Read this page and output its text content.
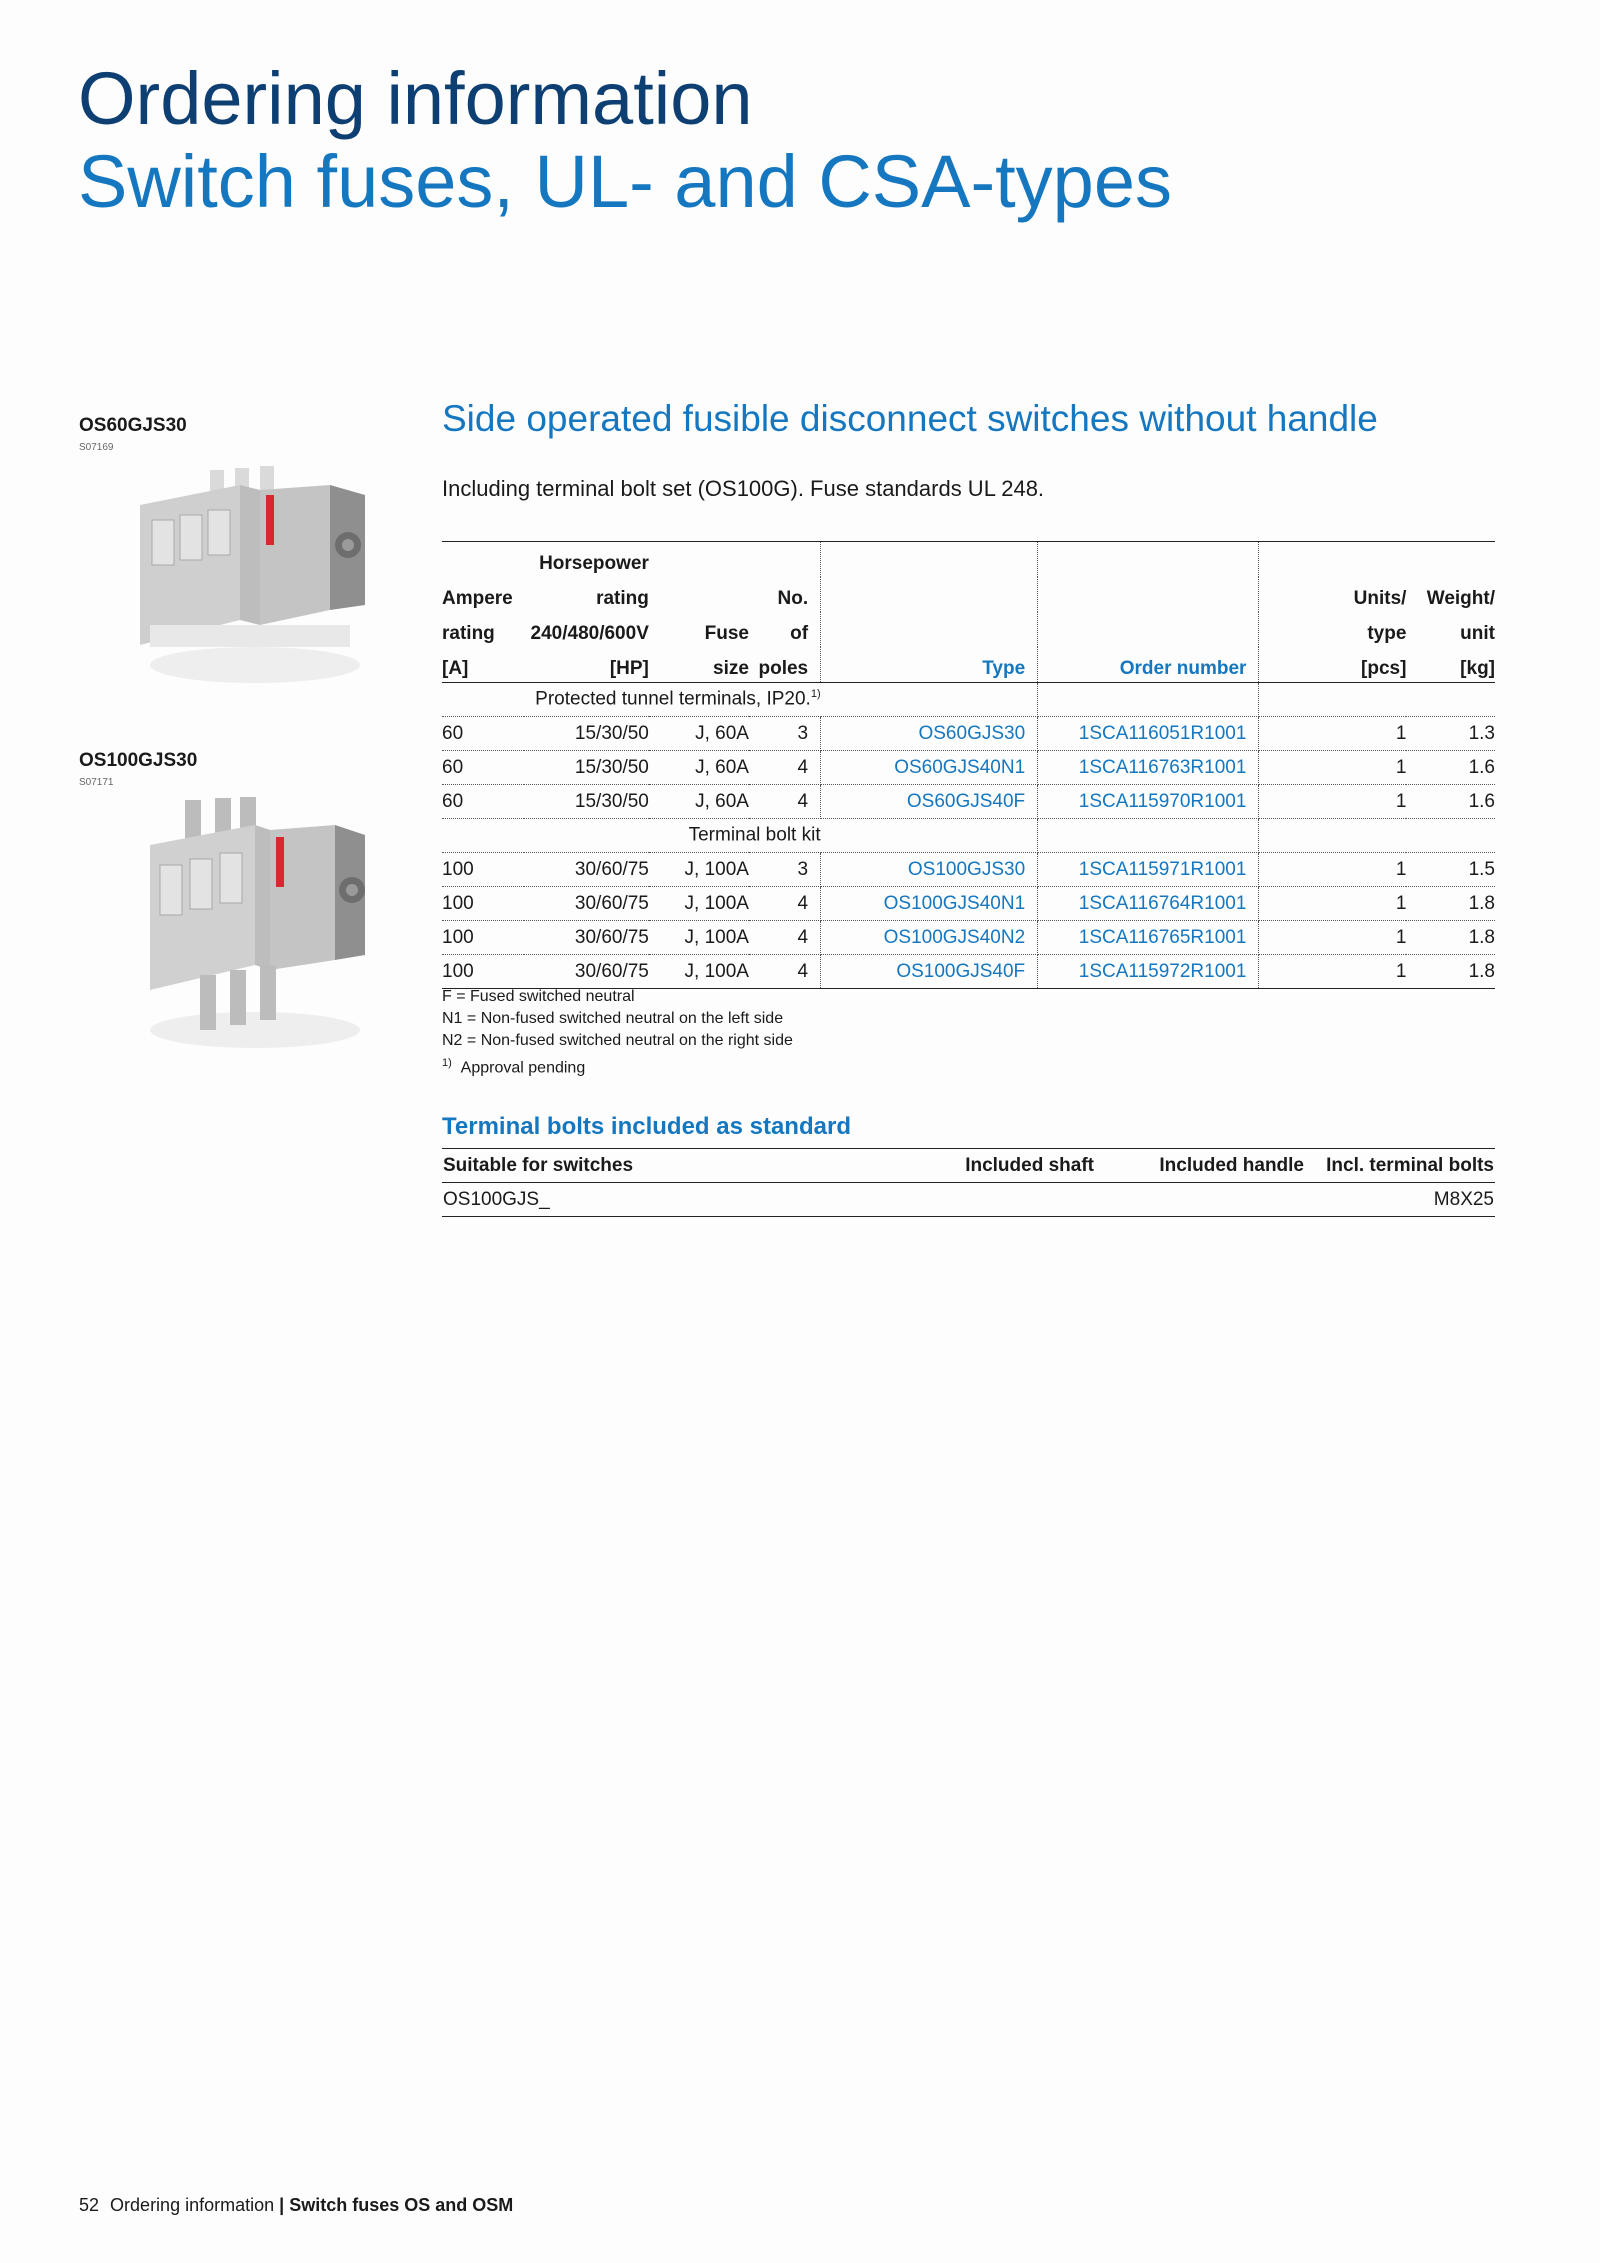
Ordering information
Switch fuses, UL- and CSA-types
OS60GJS30
S07169
OS100GJS30
S07171
Side operated fusible disconnect switches without handle
Including terminal bolt set (OS100G). Fuse standards UL 248.
	Horsepower						
Ampere	rating		No.			Units/	Weight/
rating	240/480/600V	Fuse	of			type	unit
[A]	[HP]	size	poles	Type	Order number	[pcs]	[kg]
Protected tunnel terminals, IP20.$^{1)}$				
60	15/30/50	J, 60A	3	OS60GJS30	1SCA116051R1001	1	1.3
60	15/30/50	J, 60A	4	OS60GJS40N1	1SCA116763R1001	1	1.6
60	15/30/50	J, 60A	4	OS60GJS40F	1SCA115970R1001	1	1.6
Terminal bolt kit							
100	30/60/75	J, 100A	3	OS100GJS30	1SCA115971R1001	1	1.5
100	30/60/75	J, 100A	4	OS100GJS40N1	1SCA116764R1001	1	1.8
100	30/60/75	J, 100A	4	OS100GJS40N2	1SCA116765R1001	1	1.8
100	30/60/75	J, 100A	4	OS100GJS40F	1SCA115972R1001	1	1.8
F = Fused switched neutral
N1 = Non-fused switched neutral on the left side
N2 = Non-fused switched neutral on the right side
$^{1)}$ Approval pending
Terminal bolts included as standard
Suitable for switches	Included shaft	Included handle	Incl. terminal bolts
OS100GJS_			M8X25
52 Ordering information | Switch fuses OS and OSM
